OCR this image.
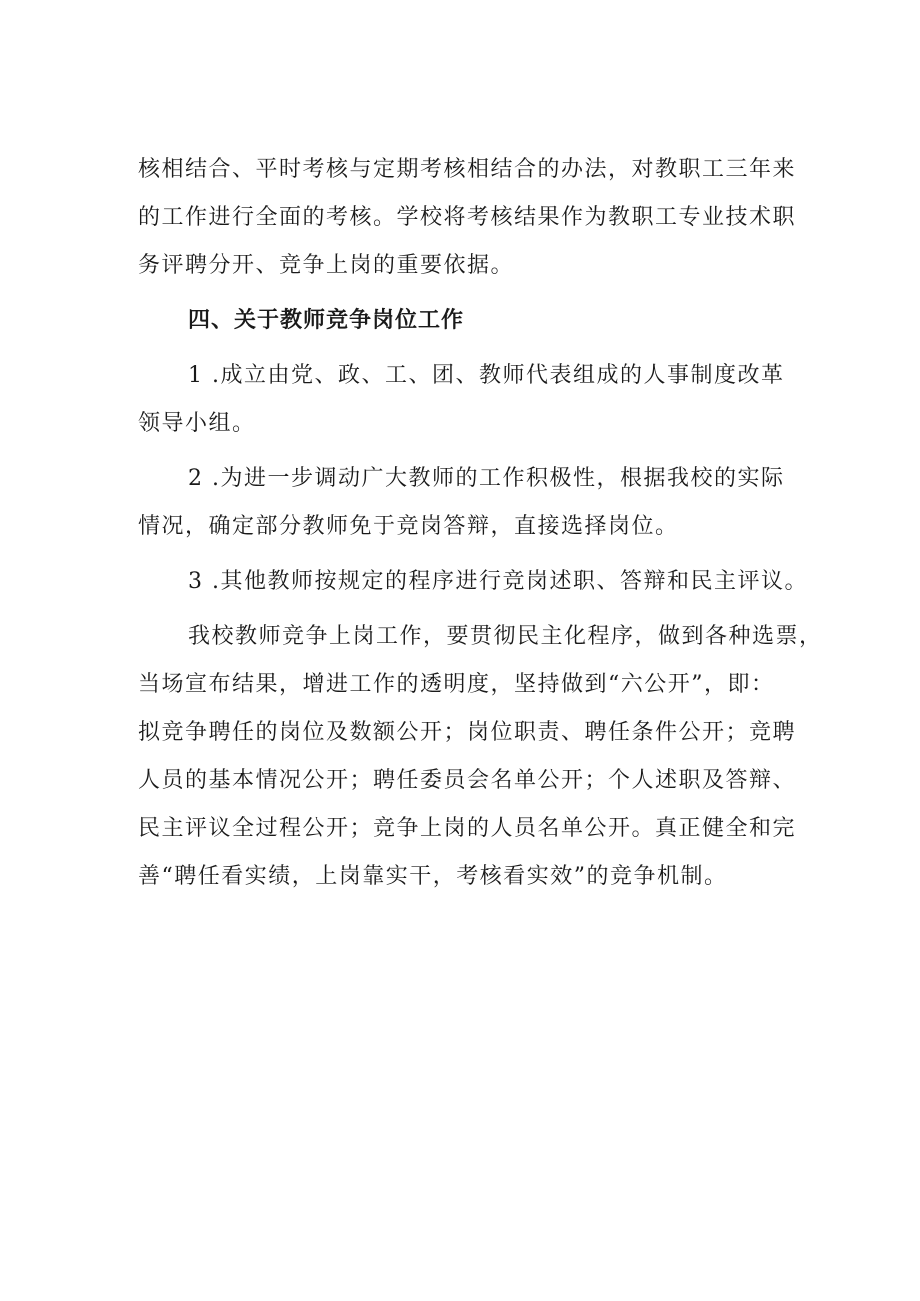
核相结合、平时考核与定期考核相结合的办法，对教职工三年来
的工作进行全面的考核。学校将考核结果作为教职工专业技术职
务评聘分开、竞争上岗的重要依据。
四、关于教师竞争岗位工作
1 .成立由党、政、工、团、教师代表组成的人事制度改革
领导小组。
2 .为进一步调动广大教师的工作积极性，根据我校的实际
情况，确定部分教师免于竞岗答辩，直接选择岗位。
3 .其他教师按规定的程序进行竞岗述职、答辩和民主评议。
我校教师竞争上岗工作，要贯彻民主化程序，做到各种选票，
当场宣布结果，增进工作的透明度，坚持做到“六公开”，即：
拟竞争聘任的岗位及数额公开；岗位职责、聘任条件公开；竞聘
人员的基本情况公开；聘任委员会名单公开；个人述职及答辩、
民主评议全过程公开；竞争上岗的人员名单公开。真正健全和完
善“聘任看实绩，上岗靠实干，考核看实效”的竞争机制。
